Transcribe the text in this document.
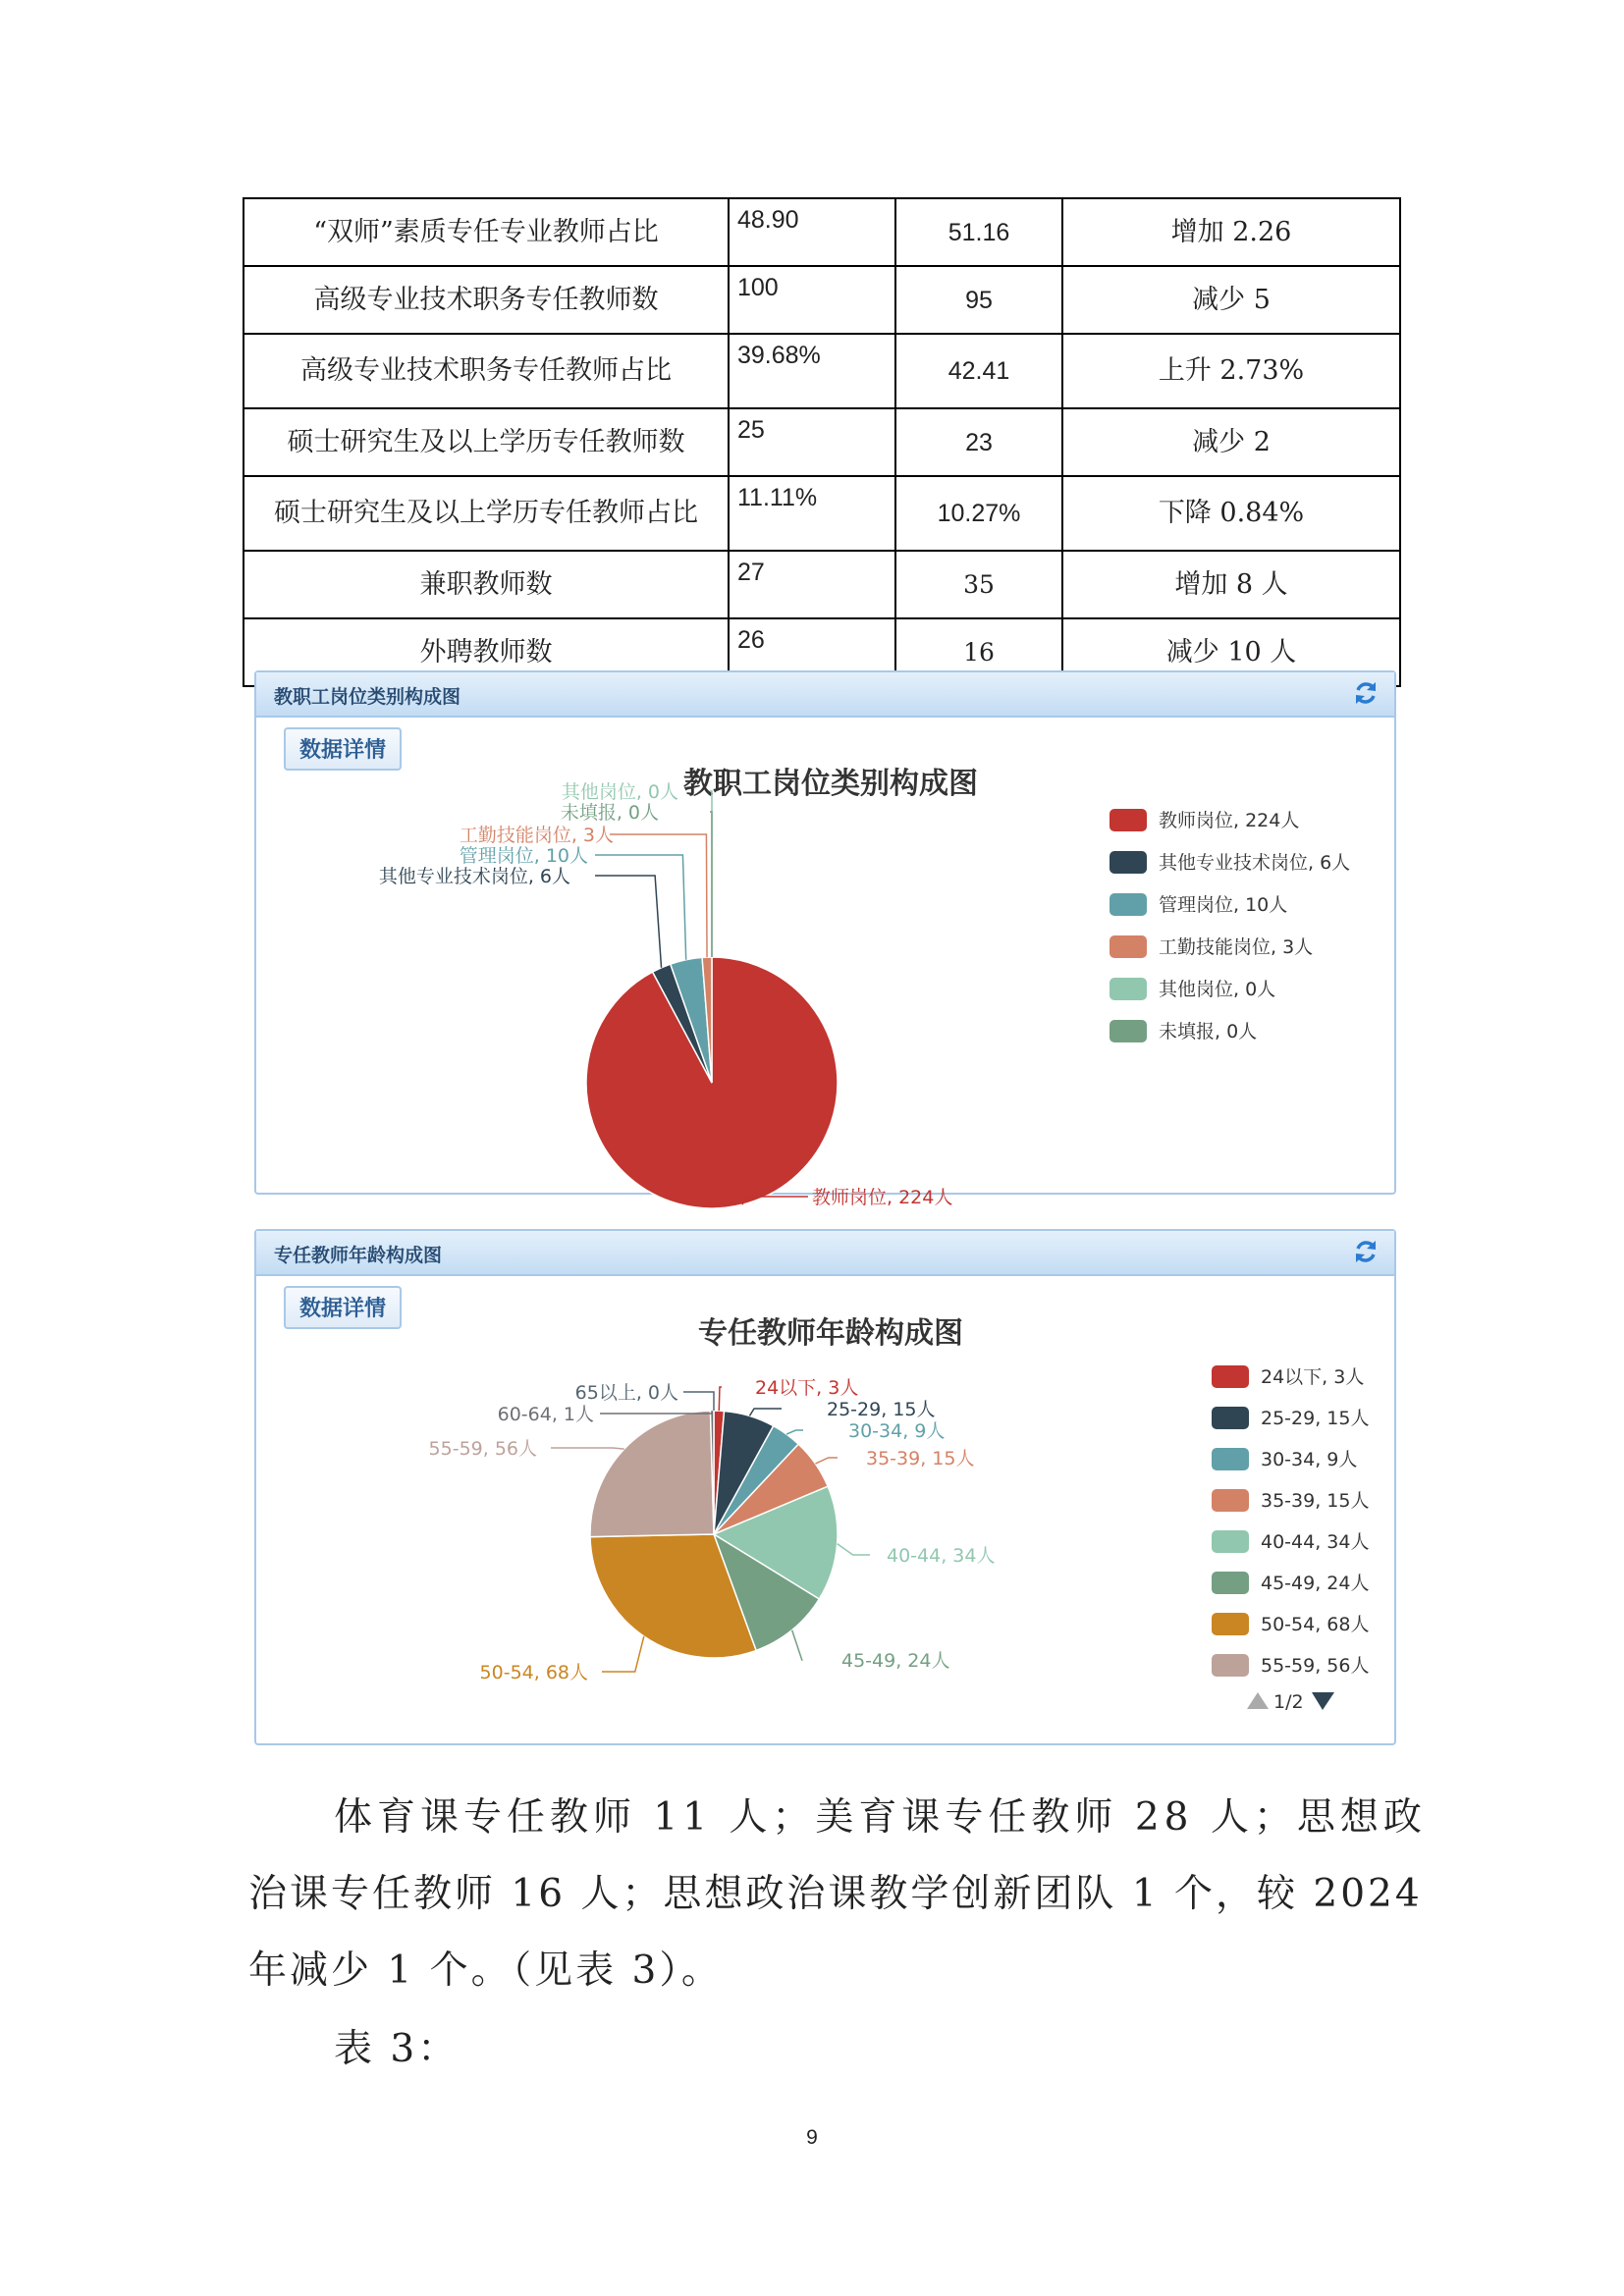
“双师”素质专任专业教师占比	48.90	51.16	增加 2.26
高级专业技术职务专任教师数	100	95	减少 5
高级专业技术职务专任教师占比	39.68%	42.41	上升 2.73%
硕士研究生及以上学历专任教师数	25	23	减少 2
硕士研究生及以上学历专任教师占比	11.11%	10.27%	下降 0.84%
兼职教师数	27	35	增加 8 人
外聘教师数	26	16	减少 10 人
教职工岗位类别构成图
数据详情
教职工岗位类别构成图
教师岗位, 224人
其他专业技术岗位, 6人
管理岗位, 10人
工勤技能岗位, 3人
其他岗位, 0人
未填报, 0人	教师岗位, 224人
其他专业技术岗位, 6人
管理岗位, 10人
工勤技能岗位, 3人
其他岗位, 0人
未填报, 0人
专任教师年龄构成图
数据详情
专任教师年龄构成图
24以下, 3人
25-29, 15人
30-34, 9人
35-39, 15人
40-44, 34人
45-49, 24人
50-54, 68人
55-59, 56人
60-64, 1人
65以上, 0人
24以下, 3人
25-29, 15人
30-34, 9人
35-39, 15人
40-44, 34人
45-49, 24人
50-54, 68人
55-59, 56人
1/2
体育课专任教师 11 人；美育课专任教师 28 人；思想政
治课专任教师 16 人；思想政治课教学创新团队 1 个，较 2024
年减少 1 个。（见表 3）。
表 3：
9
